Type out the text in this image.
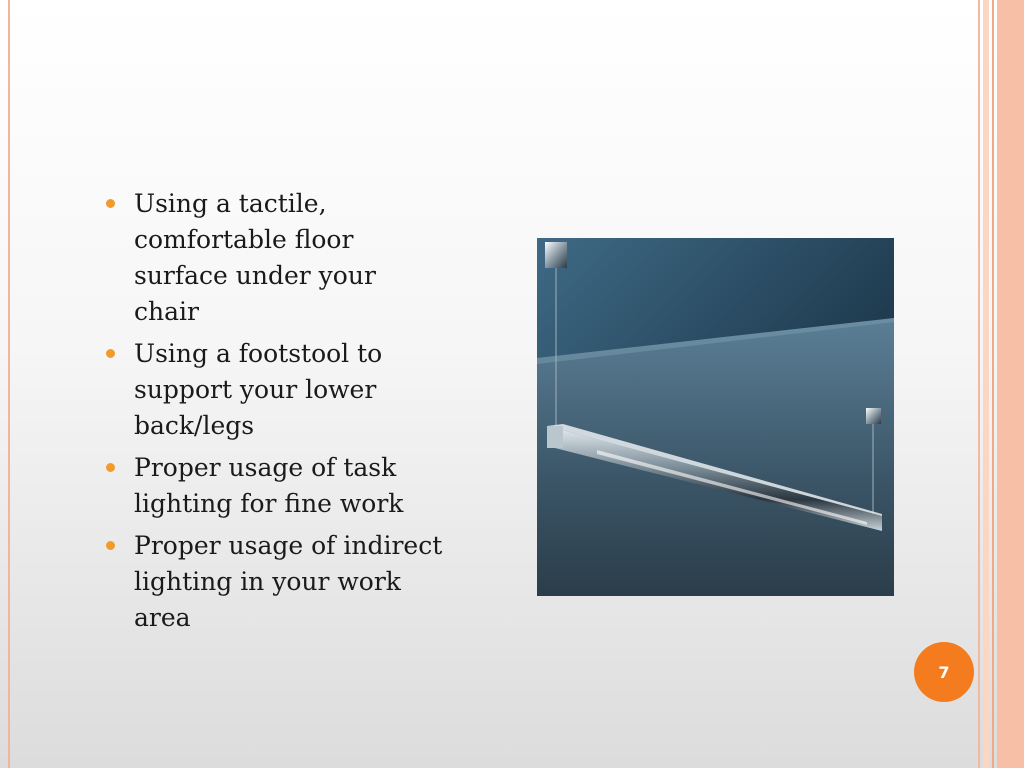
Using a tactile, comfortable floor surface under your chair
Using a footstool to support your lower back/legs
Proper usage of task lighting for fine work
Proper usage of indirect lighting in your work area
7
